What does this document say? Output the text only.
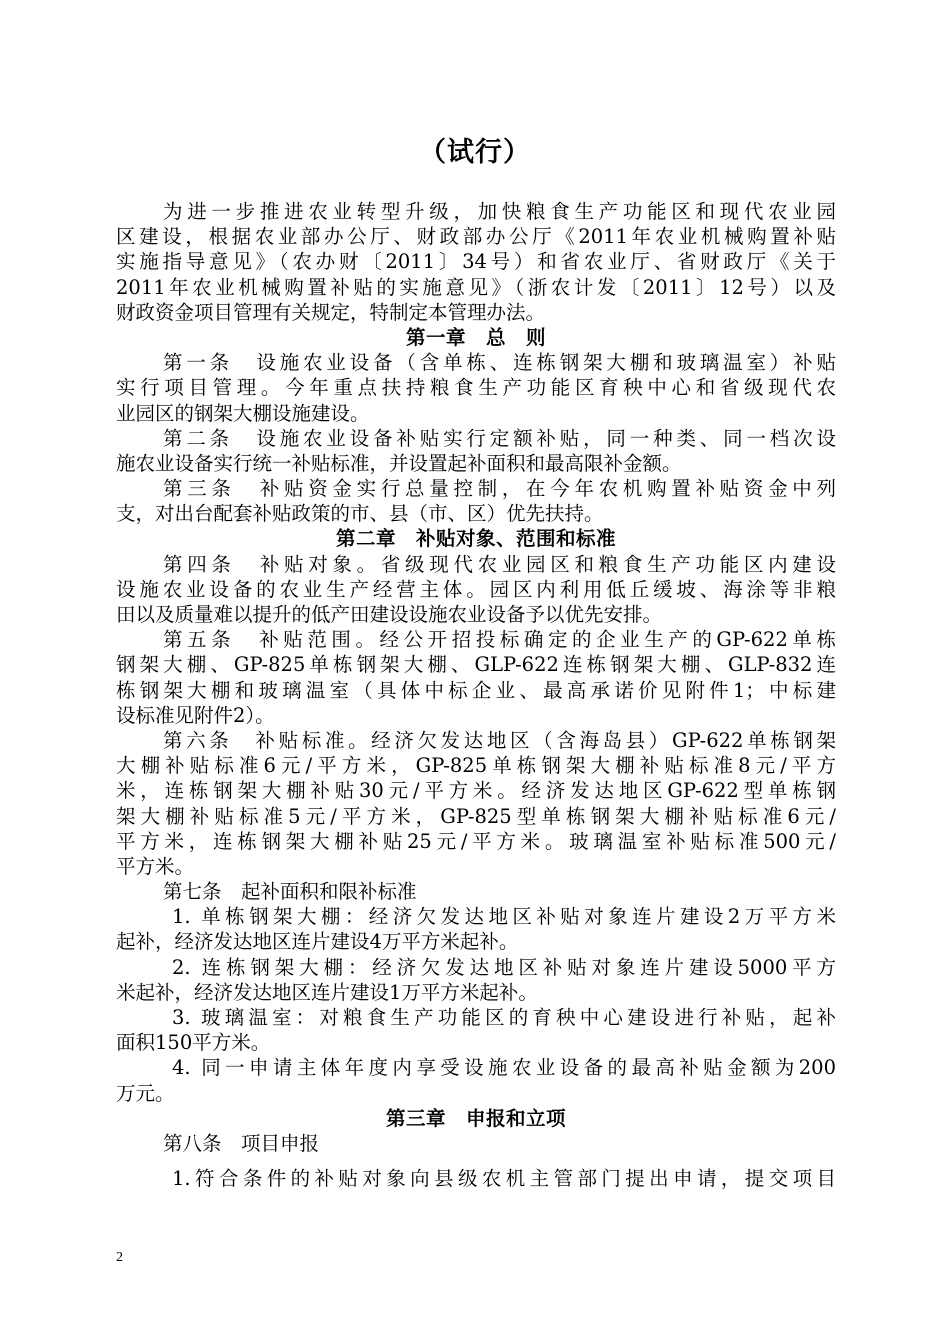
（试行）
为进一步推进农业转型升级，加快粮食生产功能区和现代农业园
区建设，根据农业部办公厅、财政部办公厅《2011年农业机械购置补贴
实施指导意见》（农办财〔2011〕34号）和省农业厅、省财政厅《关于
2011年农业机械购置补贴的实施意见》（浙农计发〔2011〕12号）以及
财政资金项目管理有关规定，特制定本管理办法。
第一章　总　则
第一条　设施农业设备（含单栋、连栋钢架大棚和玻璃温室）补贴
实行项目管理。今年重点扶持粮食生产功能区育秧中心和省级现代农
业园区的钢架大棚设施建设。
第二条　设施农业设备补贴实行定额补贴，同一种类、同一档次设
施农业设备实行统一补贴标准，并设置起补面积和最高限补金额。
第三条　补贴资金实行总量控制，在今年农机购置补贴资金中列
支，对出台配套补贴政策的市、县（市、区）优先扶持。
第二章　补贴对象、范围和标准
第四条　补贴对象。省级现代农业园区和粮食生产功能区内建设
设施农业设备的农业生产经营主体。园区内利用低丘缓坡、海涂等非粮
田以及质量难以提升的低产田建设设施农业设备予以优先安排。
第五条　补贴范围。经公开招投标确定的企业生产的GP-622单栋
钢架大棚、GP-825单栋钢架大棚、GLP-622连栋钢架大棚、GLP-832连
栋钢架大棚和玻璃温室（具体中标企业、最高承诺价见附件1；中标建
设标准见附件2）。
第六条　补贴标准。经济欠发达地区（含海岛县）GP-622单栋钢架
大棚补贴标准6元/平方米，GP-825单栋钢架大棚补贴标准8元/平方
米，连栋钢架大棚补贴30元/平方米。经济发达地区GP-622型单栋钢
架大棚补贴标准5元/平方米，GP-825型单栋钢架大棚补贴标准6元/
平方米，连栋钢架大棚补贴25元/平方米。玻璃温室补贴标准500元/
平方米。
第七条　起补面积和限补标准
1. 单栋钢架大棚：经济欠发达地区补贴对象连片建设2万平方米
起补，经济发达地区连片建设4万平方米起补。
2. 连栋钢架大棚：经济欠发达地区补贴对象连片建设5000平方
米起补，经济发达地区连片建设1万平方米起补。
3. 玻璃温室：对粮食生产功能区的育秧中心建设进行补贴，起补
面积150平方米。
4. 同一申请主体年度内享受设施农业设备的最高补贴金额为200
万元。
第三章　申报和立项
第八条　项目申报
1.符合条件的补贴对象向县级农机主管部门提出申请，提交项目
2
